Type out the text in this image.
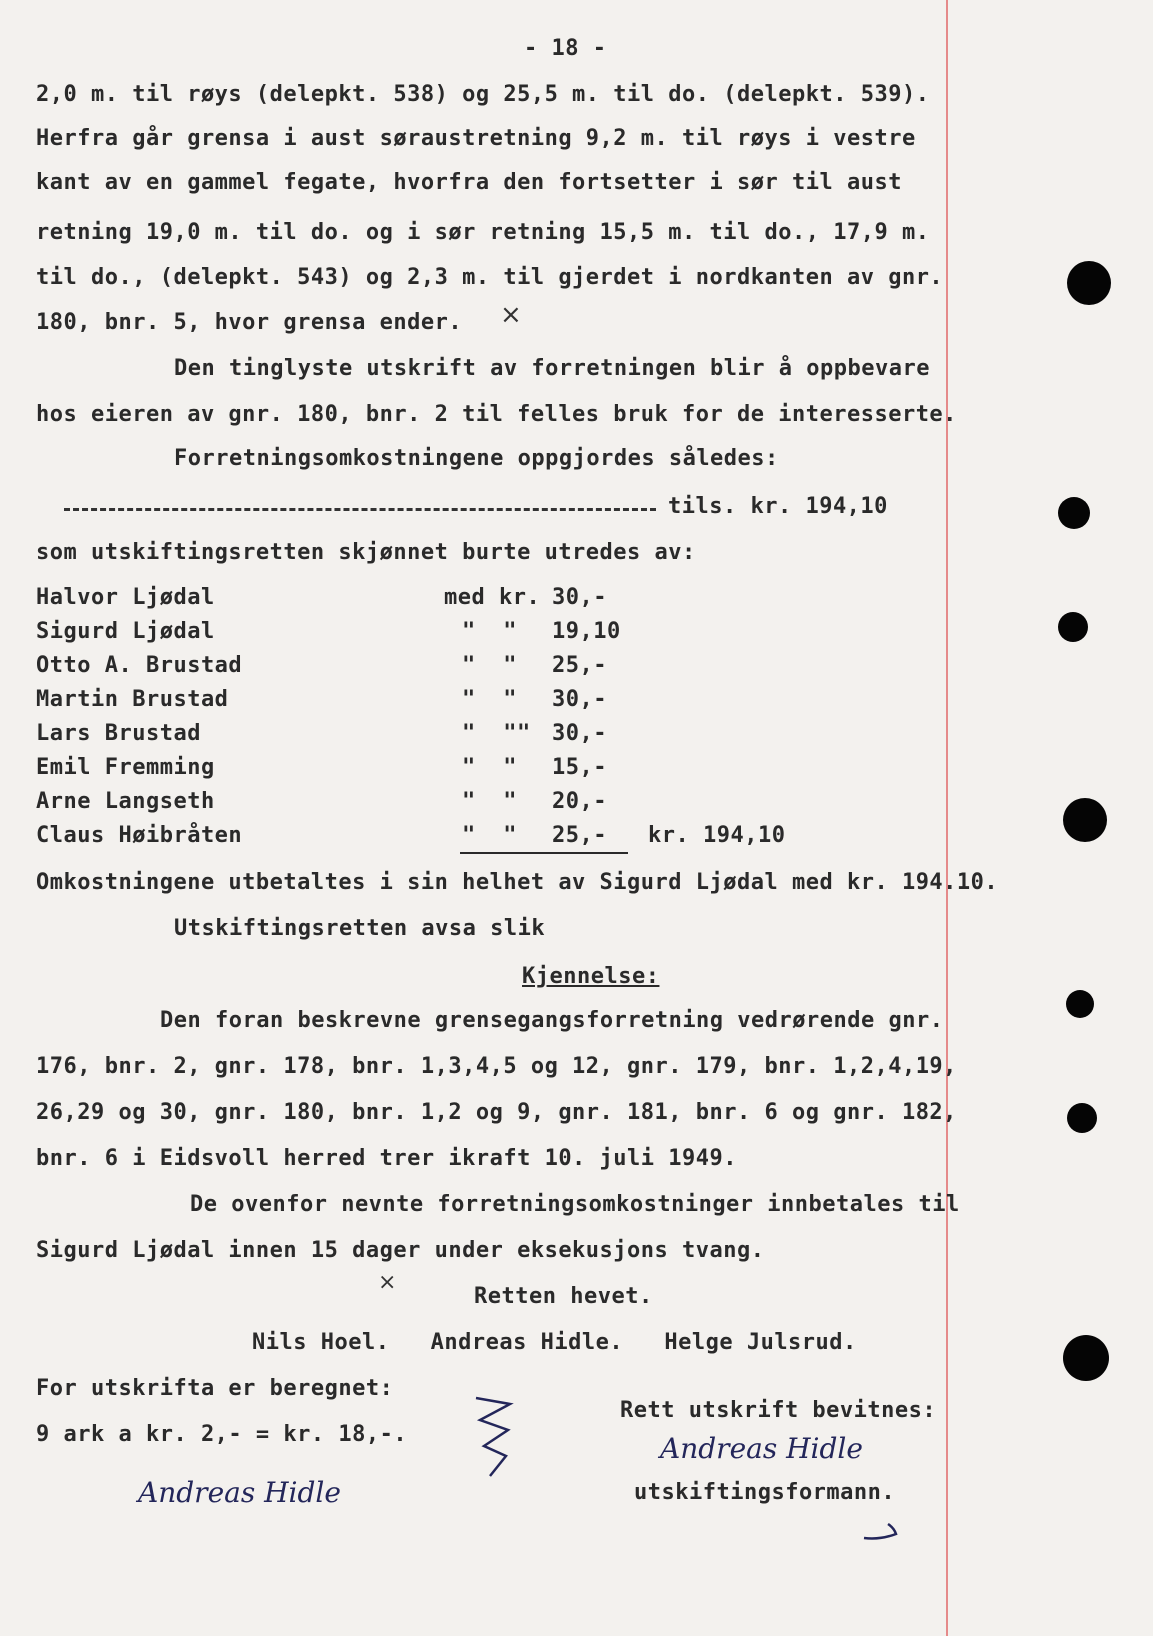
- 18 -
2,0 m. til røys (delepkt. 538) og 25,5 m. til do. (delepkt. 539).
Herfra går grensa i aust søraustretning 9,2 m. til røys i vestre
kant av en gammel fegate, hvorfra den fortsetter i sør til aust
retning 19,0 m. til do. og i sør retning 15,5 m. til do., 17,9 m.
til do., (delepkt. 543) og 2,3 m. til gjerdet i nordkanten av gnr.
180, bnr. 5, hvor grensa ender. ⨯
Den tinglyste utskrift av forretningen blir å oppbevare
hos eieren av gnr. 180, bnr. 2 til felles bruk for de interesserte.
Forretningsomkostningene oppgjordes således:
tils. kr. 194,10
som utskiftingsretten skjønnet burte utredes av:
Halvor Ljødal	med kr. 30,-
Sigurd Ljødal	"  " 19,10
Otto A. Brustad	"  " 25,-
Martin Brustad	"  " 30,-
Lars Brustad	"  "" 30,-
Emil Fremming	"  " 15,-
Arne Langseth	"  " 20,-
Claus Høibråten	"  " 25,- kr. 194,10
Omkostningene utbetaltes i sin helhet av Sigurd Ljødal med kr. 194.10.
Utskiftingsretten avsa slik
Kjennelse:
Den foran beskrevne grensegangsforretning vedrørende gnr.
176, bnr. 2, gnr. 178, bnr. 1,3,4,5 og 12, gnr. 179, bnr. 1,2,4,19,
26,29 og 30, gnr. 180, bnr. 1,2 og 9, gnr. 181, bnr. 6 og gnr. 182,
bnr. 6 i Eidsvoll herred trer ikraft 10. juli 1949.
De ovenfor nevnte forretningsomkostninger innbetales til
Sigurd Ljødal innen 15 dager under eksekusjons tvang.
⨯
Retten hevet.
Nils Hoel.   Andreas Hidle.   Helge Julsrud.
For utskrifta er beregnet:
Rett utskrift bevitnes:
9 ark a kr. 2,- = kr. 18,-.	Andreas Hidle
utskiftingsformann.
Andreas Hidle
